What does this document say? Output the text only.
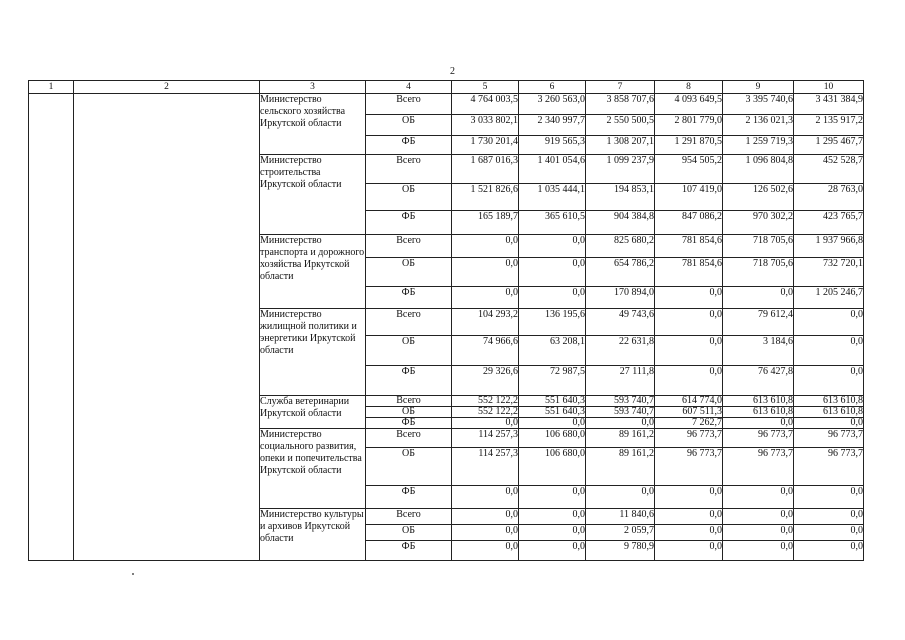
2
1	2	3	4	5	6	7	8	9	10
		Министерство сельского хозяйства Иркутской области	Всего	4 764 003,5	3 260 563,0	3 858 707,6	4 093 649,5	3 395 740,6	3 431 384,9
			ОБ	3 033 802,1	2 340 997,7	2 550 500,5	2 801 779,0	2 136 021,3	2 135 917,2
			ФБ	1 730 201,4	919 565,3	1 308 207,1	1 291 870,5	1 259 719,3	1 295 467,7
		Министерство строительства Иркутской области	Всего	1 687 016,3	1 401 054,6	1 099 237,9	954 505,2	1 096 804,8	452 528,7
			ОБ	1 521 826,6	1 035 444,1	194 853,1	107 419,0	126 502,6	28 763,0
			ФБ	165 189,7	365 610,5	904 384,8	847 086,2	970 302,2	423 765,7
		Министерство транспорта и дорожного хозяйства Иркутской области	Всего	0,0	0,0	825 680,2	781 854,6	718 705,6	1 937 966,8
			ОБ	0,0	0,0	654 786,2	781 854,6	718 705,6	732 720,1
			ФБ	0,0	0,0	170 894,0	0,0	0,0	1 205 246,7
		Министерство жилищной политики и энергетики Иркутской области	Всего	104 293,2	136 195,6	49 743,6	0,0	79 612,4	0,0
			ОБ	74 966,6	63 208,1	22 631,8	0,0	3 184,6	0,0
			ФБ	29 326,6	72 987,5	27 111,8	0,0	76 427,8	0,0
		Служба ветеринарии Иркутской области	Всего	552 122,2	551 640,3	593 740,7	614 774,0	613 610,8	613 610,8
			ОБ	552 122,2	551 640,3	593 740,7	607 511,3	613 610,8	613 610,8
			ФБ	0,0	0,0	0,0	7 262,7	0,0	0,0
		Министерство социального развития, опеки и попечительства Иркутской области	Всего	114 257,3	106 680,0	89 161,2	96 773,7	96 773,7	96 773,7
			ОБ	114 257,3	106 680,0	89 161,2	96 773,7	96 773,7	96 773,7
			ФБ	0,0	0,0	0,0	0,0	0,0	0,0
		Министерство культуры и архивов Иркутской области	Всего	0,0	0,0	11 840,6	0,0	0,0	0,0
			ОБ	0,0	0,0	2 059,7	0,0	0,0	0,0
			ФБ	0,0	0,0	9 780,9	0,0	0,0	0,0
